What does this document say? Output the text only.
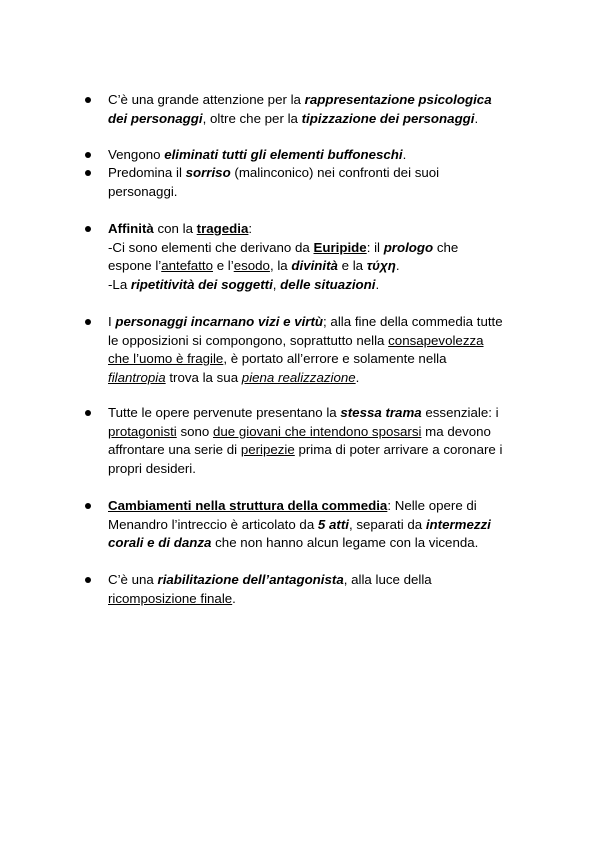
C’è una grande attenzione per la rappresentazione psicologica
dei personaggi, oltre che per la tipizzazione dei personaggi.
Vengono eliminati tutti gli elementi buffoneschi.
Predomina il sorriso (malinconico) nei confronti dei suoi
personaggi.
Affinità con la tragedia:
-Ci sono elementi che derivano da Euripide: il prologo che
espone l’antefatto e l’esodo, la divinità e la τύχη.
-La ripetitività dei soggetti, delle situazioni.
I personaggi incarnano vizi e virtù; alla fine della commedia tutte
le opposizioni si compongono, soprattutto nella consapevolezza
che l’uomo è fragile, è portato all’errore e solamente nella
filantropia trova la sua piena realizzazione.
Tutte le opere pervenute presentano la stessa trama essenziale: i
protagonisti sono due giovani che intendono sposarsi ma devono
affrontare una serie di peripezie prima di poter arrivare a coronare i
propri desideri.
Cambiamenti nella struttura della commedia: Nelle opere di
Menandro l’intreccio è articolato da 5 atti, separati da intermezzi
corali e di danza che non hanno alcun legame con la vicenda.
C’è una riabilitazione dell’antagonista, alla luce della
ricomposizione finale.
